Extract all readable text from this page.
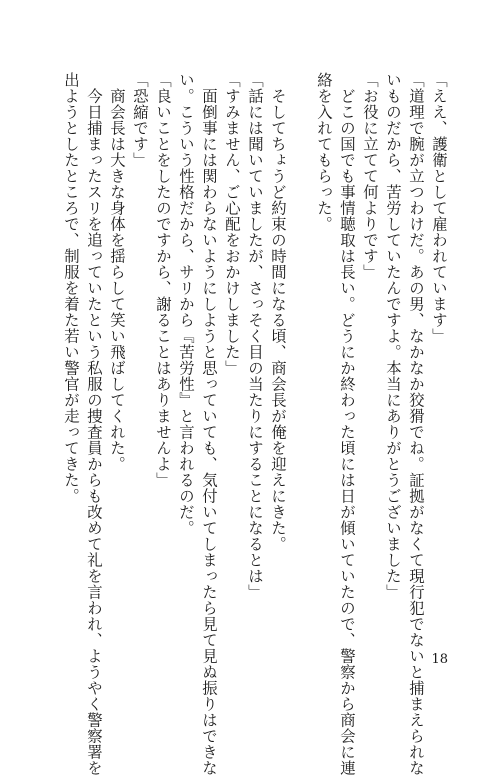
「ええ、護衛として雇われています」
「道理で腕が立つわけだ。あの男、なかなか狡猾でね。証拠がなくて現行犯でないと捕まえられな
いものだから、苦労していたんですよ。本当にありがとうございました」
「お役に立てて何よりです」
　どこの国でも事情聴取は長い。どうにか終わった頃には日が傾いていたので、警察から商会に連
絡を入れてもらった。
　そしてちょうど約束の時間になる頃、商会長が俺を迎えにきた。
「話には聞いていましたが、さっそく目の当たりにすることになるとは」
「すみません、ご心配をおかけしました」
　面倒事には関わらないようにしようと思っていても、気付いてしまったら見て見ぬ振りはできな
い。こういう性格だから、サリから『苦労性』と言われるのだ。
「良いことをしたのですから、謝ることはありませんよ」
「恐縮です」
　商会長は大きな身体を揺らして笑い飛ばしてくれた。
　今日捕まったスリを追っていたという私服の捜査員からも改めて礼を言われ、ようやく警察署を
出ようとしたところで、制服を着た若い警官が走ってきた。
18
